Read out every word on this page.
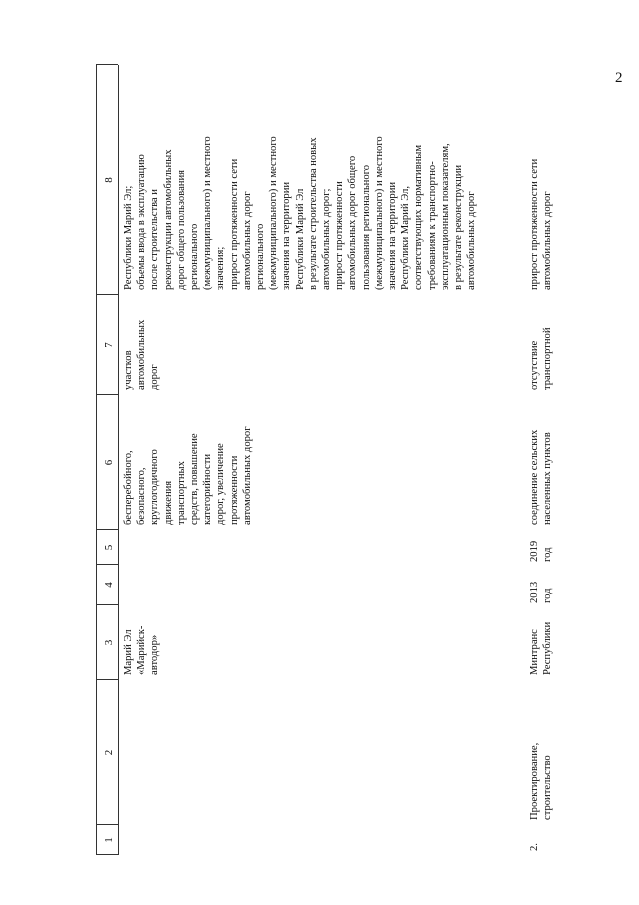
2
1
2
3
4
5
6
7
8
Марий Эл
«Марийск-
автодор»
бесперебойного,
безопасного,
круглогодичного
движения
транспортных
средств, повышение
категорийности
дорог, увеличение
протяженности
автомобильных дорог
участков
автомобильных
дорог
Республики Марий Эл;
объемы ввода в эксплуатацию
после строительства и
реконструкции автомобильных
дорог общего пользования
регионального
(межмуниципального) и местного
значения;
прирост протяженности сети
автомобильных дорог
регионального
(межмуниципального) и местного
значения на территории
Республики Марий Эл
в результате строительства новых
автомобильных дорог;
прирост протяженности
автомобильных дорог общего
пользования регионального
(межмуниципального) и местного
значения на территории
Республики Марий Эл,
соответствующих нормативным
требованиям к транспортно-
эксплуатационным показателям,
в результате реконструкции
автомобильных дорог
2.
Проектирование,
строительство
Минтранс
Республики
2013
год
2019
год
соединение сельских
населенных пунктов
отсутствие
транспортной
прирост протяженности сети
автомобильных дорог
